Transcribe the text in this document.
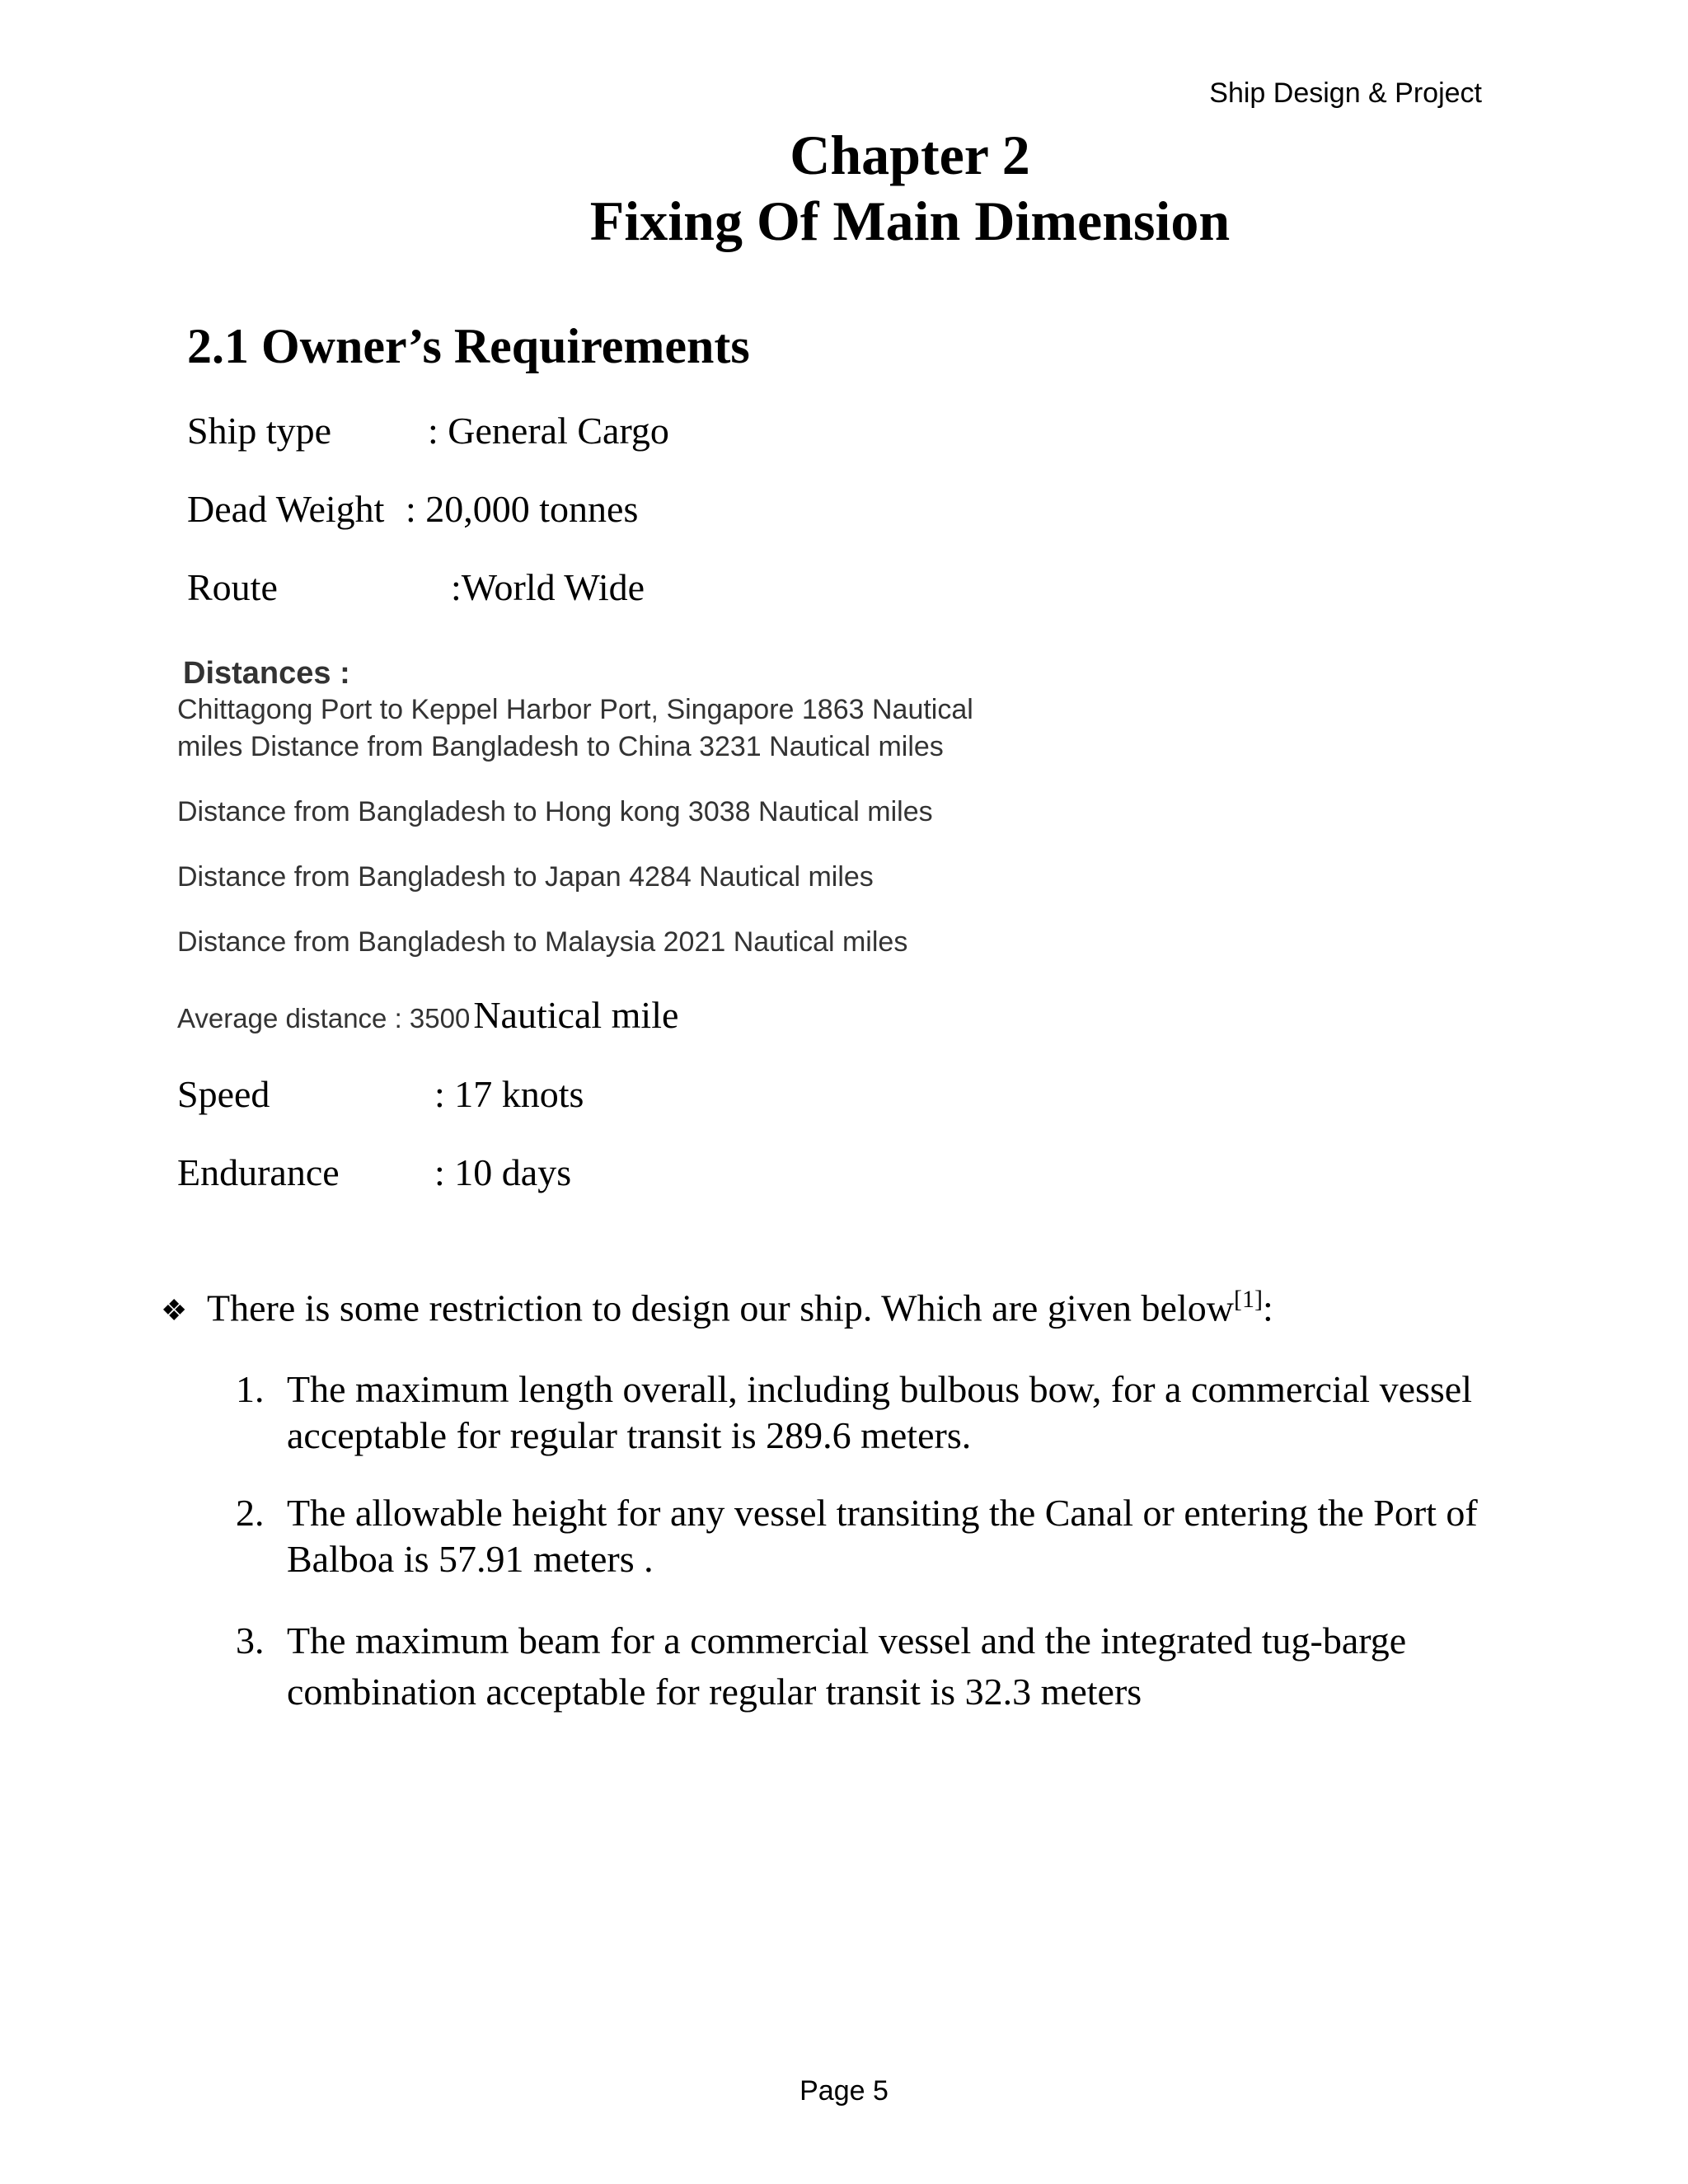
Ship Design & Project
Chapter 2
Fixing Of Main Dimension
2.1 Owner’s Requirements
Ship type	: General Cargo
Dead Weight : 20,000 tonnes
Route	:World Wide
Distances :
Chittagong Port to Keppel Harbor Port, Singapore 1863 Nautical
miles Distance from Bangladesh to China 3231 Nautical miles
Distance from Bangladesh to Hong kong 3038 Nautical miles
Distance from Bangladesh to Japan 4284 Nautical miles
Distance from Bangladesh to Malaysia 2021 Nautical miles
Average distance : 3500 Nautical mile
Speed	: 17 knots
Endurance	: 10 days
❖ There is some restriction to design our ship. Which are given below[1]:
1. The maximum length overall, including bulbous bow, for a commercial vessel acceptable for regular transit is 289.6 meters.
2. The allowable height for any vessel transiting the Canal or entering the Port of Balboa is 57.91 meters .
3. The maximum beam for a commercial vessel and the integrated tug-barge combination acceptable for regular transit is 32.3 meters
Page 5
